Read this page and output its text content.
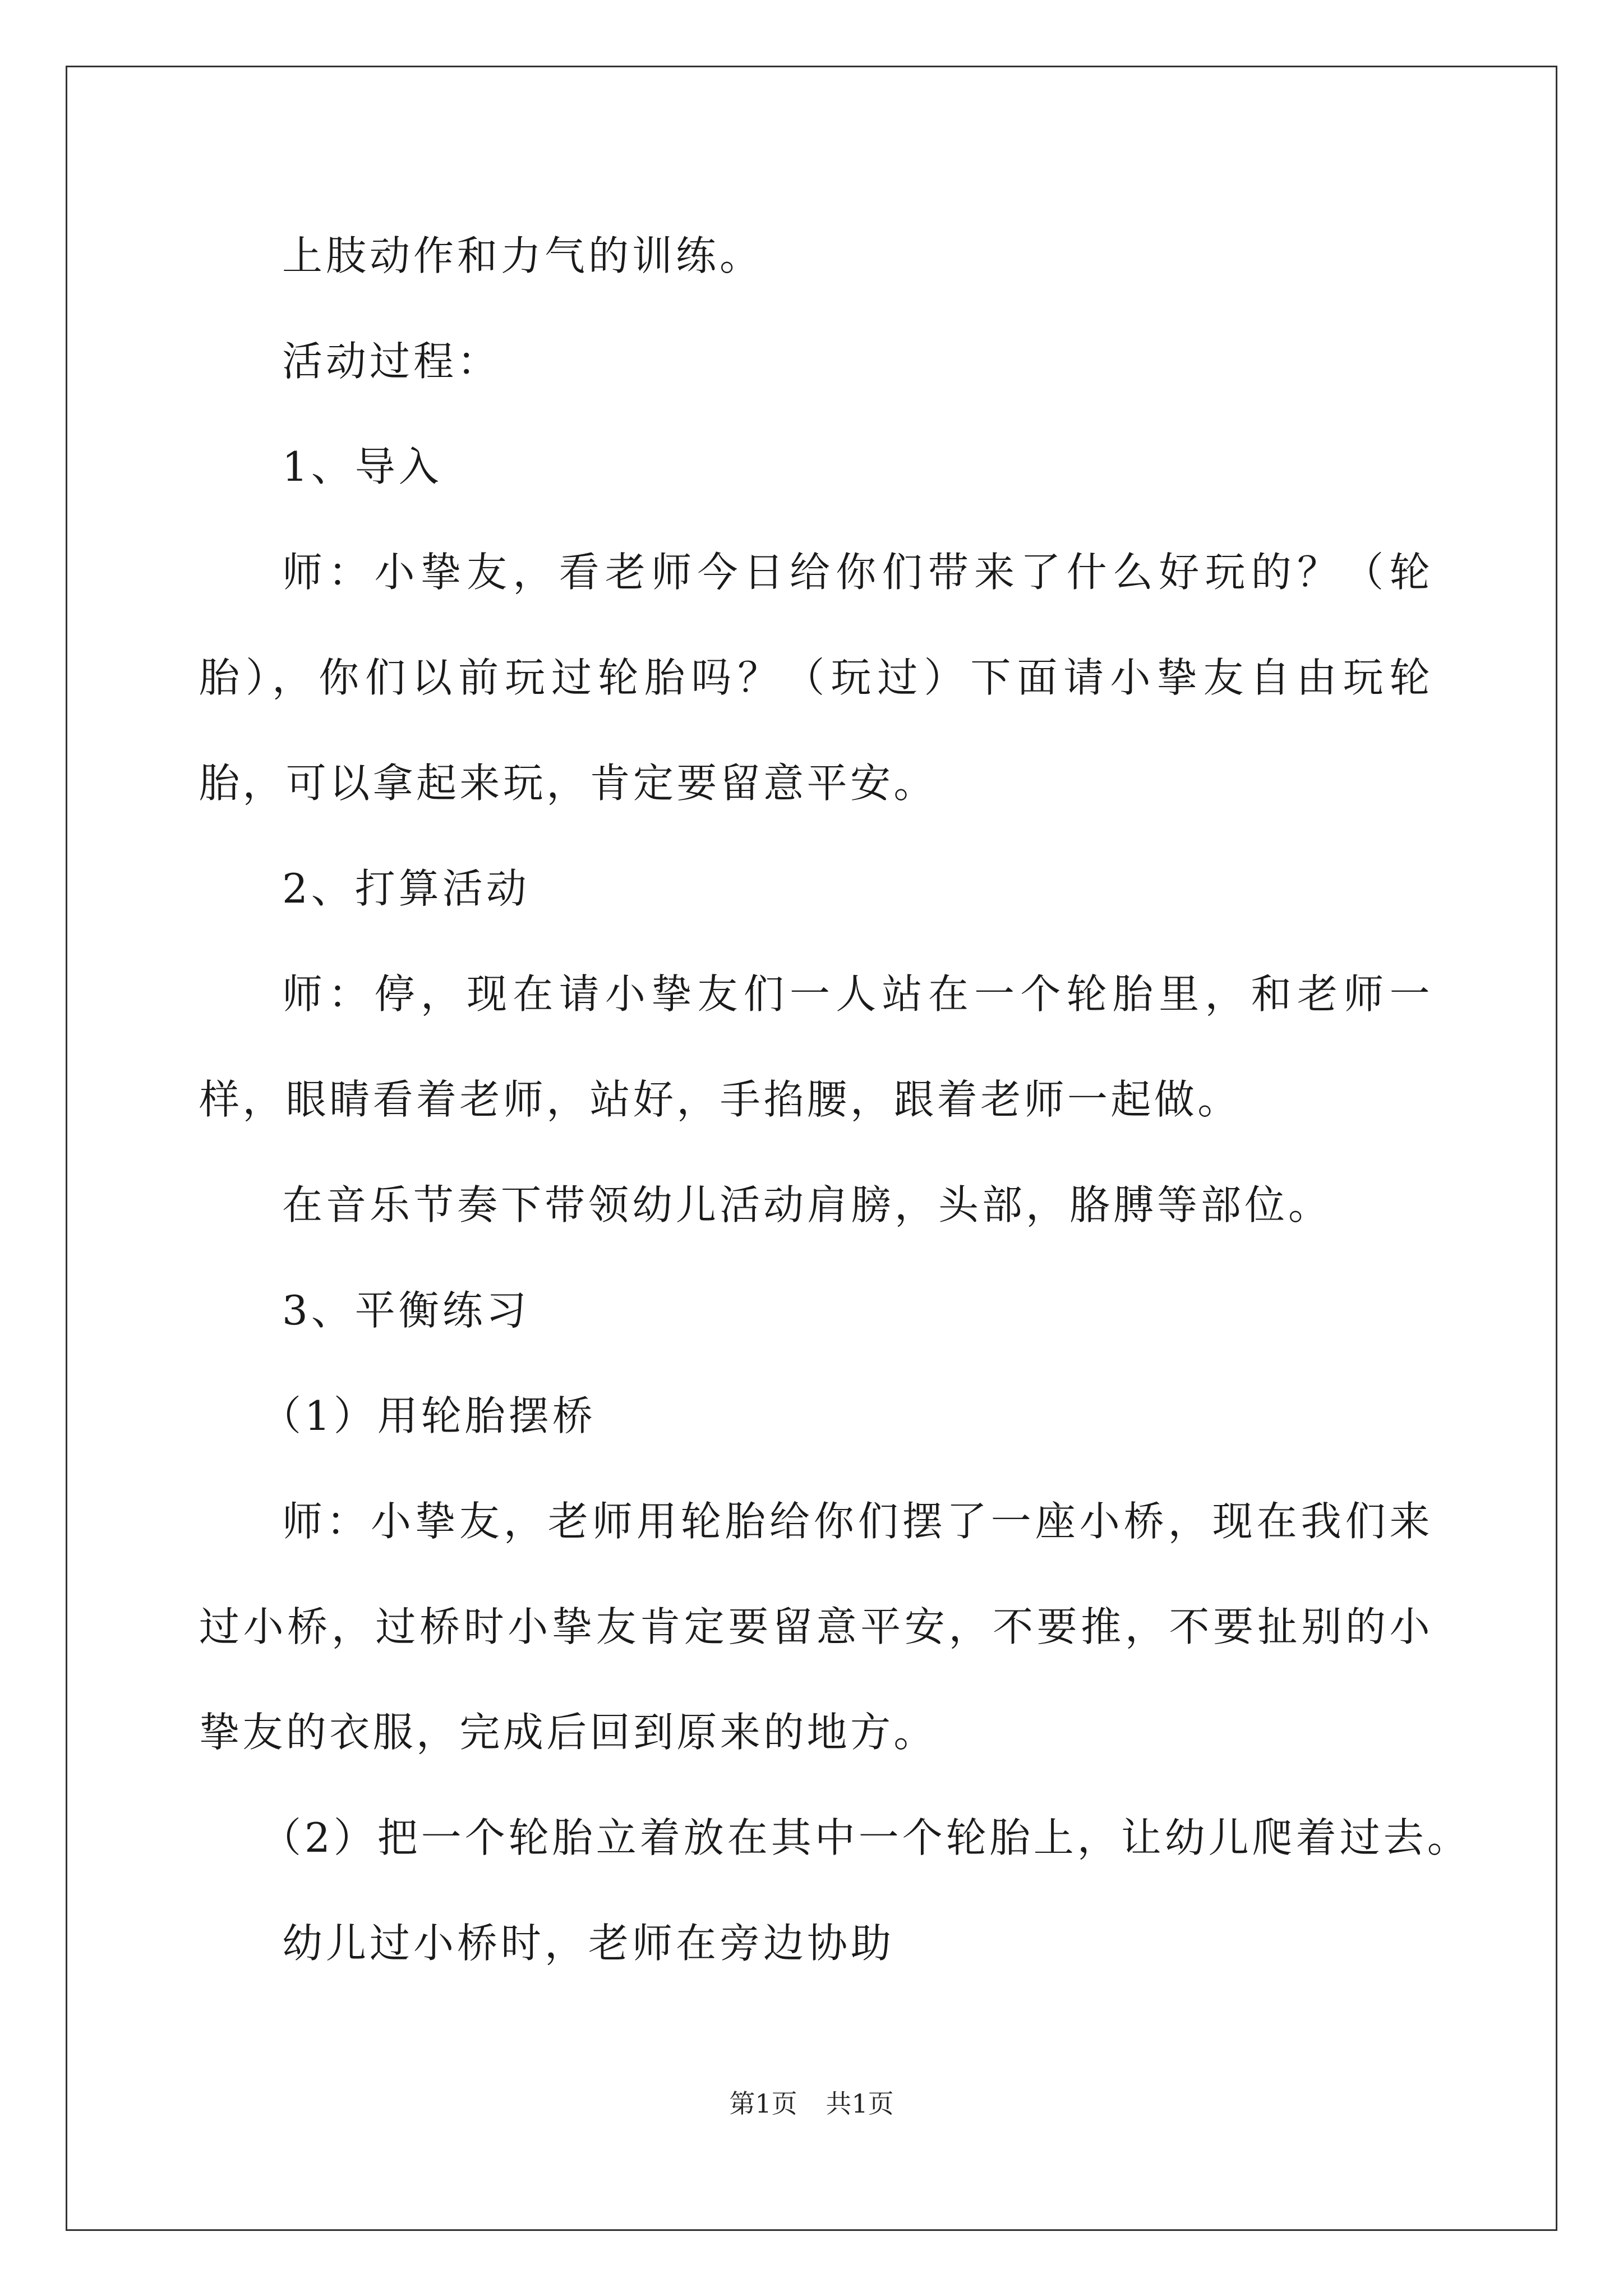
上肢动作和力气的训练。

活动过程：

1、导入

师：小挚友，看老师今日给你们带来了什么好玩的？（轮胎），你们以前玩过轮胎吗？（玩过）下面请小挚友自由玩轮胎，可以拿起来玩，肯定要留意平安。

2、打算活动

师：停，现在请小挚友们一人站在一个轮胎里，和老师一样，眼睛看着老师，站好，手掐腰，跟着老师一起做。

在音乐节奏下带领幼儿活动肩膀，头部，胳膊等部位。

3、平衡练习

（1）用轮胎摆桥

师：小挚友，老师用轮胎给你们摆了一座小桥，现在我们来过小桥，过桥时小挚友肯定要留意平安，不要推，不要扯别的小挚友的衣服，完成后回到原来的地方。

（2）把一个轮胎立着放在其中一个轮胎上，让幼儿爬着过去。

幼儿过小桥时，老师在旁边协助

第1页 共1页
